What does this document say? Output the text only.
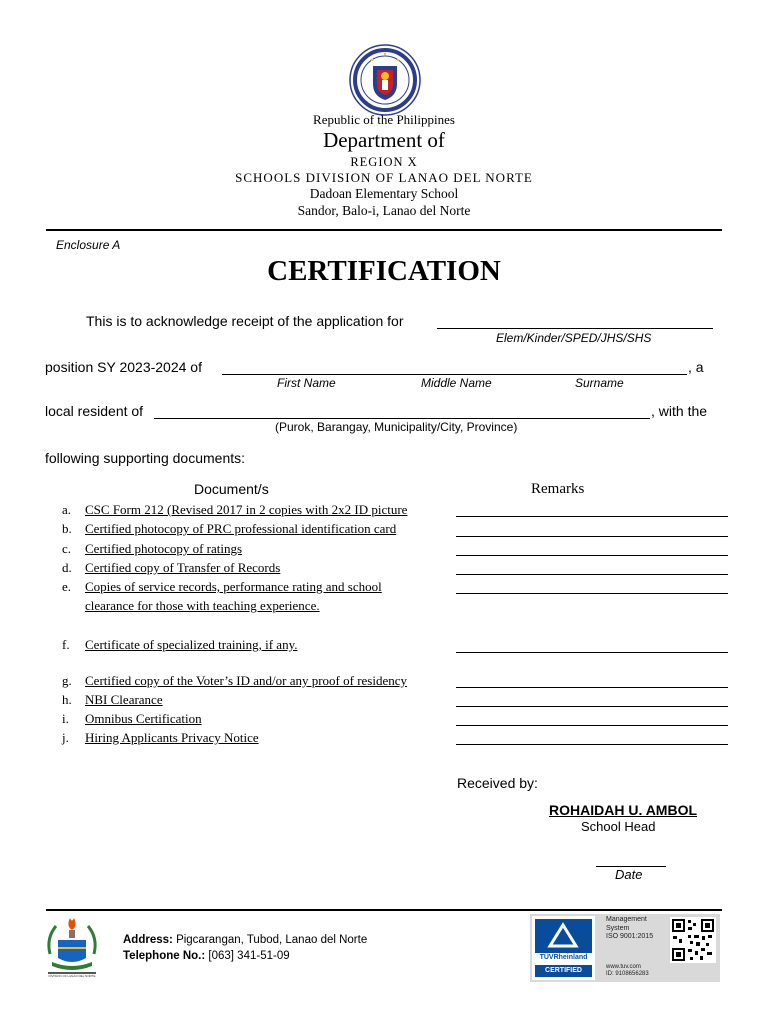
Republic of the Philippines
Department of
REGION X
SCHOOLS DIVISION OF LANAO DEL NORTE
Dadoan Elementary School
Sandor, Balo-i, Lanao del Norte
Enclosure A
CERTIFICATION
This is to acknowledge receipt of the application for
Elem/Kinder/SPED/JHS/SHS
position SY 2023-2024 of	, a
First Name	Middle Name	Surname
local resident of	, with the
(Purok, Barangay, Municipality/City, Province)
following supporting documents:
Document/s	Remarks
a.	CSC Form 212 (Revised 2017 in 2 copies with 2x2 ID picture
b.	Certified photocopy of PRC professional identification card
c.	Certified photocopy of ratings
d.	Certified copy of Transfer of Records
e.	Copies of service records, performance rating and school
clearance for those with teaching experience.
f.	Certificate of specialized training, if any.
g.	Certified copy of the Voter’s ID and/or any proof of residency
h.	NBI Clearance
i.	Omnibus Certification
j.	Hiring Applicants Privacy Notice
Received by:
ROHAIDAH U. AMBOL
School Head
Date
DIVISION OF LANAO DEL NORTE
Address: Pigcarangan, Tubod, Lanao del Norte
Telephone No.: [063] 341-51-09	TÜVRheinland
CERTIFIED
Management
System
ISO 9001:2015
www.tuv.com
ID: 9108656283
